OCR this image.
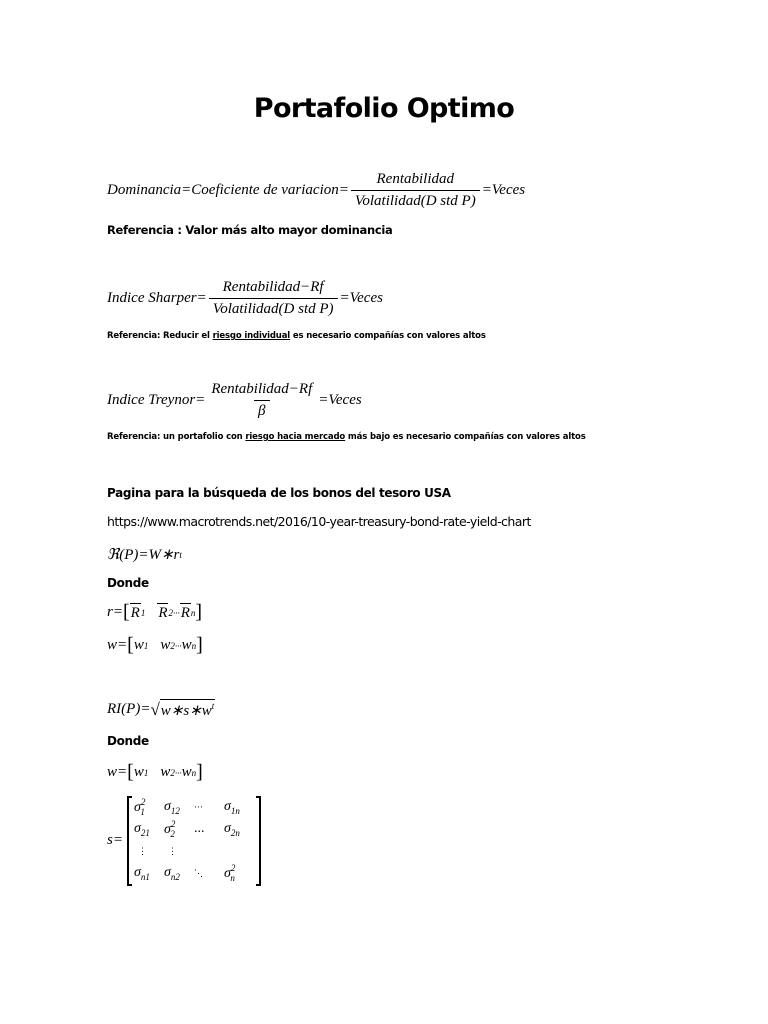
Portafolio Optimo
Dominancia=Coeficiente de variacion= $\frac{\text{Rentabilidad}}{\text{Volatilidad(D std P)}}$ =Veces
Referencia : Valor más alto mayor dominancia
Indice Sharper= $\frac{\text{Rentabilidad−Rf}}{\text{Volatilidad(D std P)}}$ =Veces
Referencia: Reducir el riesgo individual es necesario compañías con valores altos
Indice Treynor= $\frac{\text{Rentabilidad−Rf}}{\beta}$ =Veces
Referencia: un portafolio con riesgo hacia mercado más bajo es necesario compañías con valores altos
Pagina para la búsqueda de los bonos del tesoro USA
https://www.macrotrends.net/2016/10-year-treasury-bond-rate-yield-chart
ℜ(P)=W∗r t
Donde
r= [ R 1 R 2 ··· R n ]
w= [ w 1 w 2 ··· w n ]
RI(P)= √ $w∗s∗w^t$
Donde
w= [ w 1 w 2 ··· w n ]
s=
$\sigma^2_1$ $\sigma_{12}$ ··· $\sigma_{1n}$
$\sigma_{21}$ $\sigma^2_2$ ... $\sigma_{2n}$
⋮	⋮
$\sigma_{n1}$ $\sigma_{n2}$ ⋱ $\sigma^2_n$
